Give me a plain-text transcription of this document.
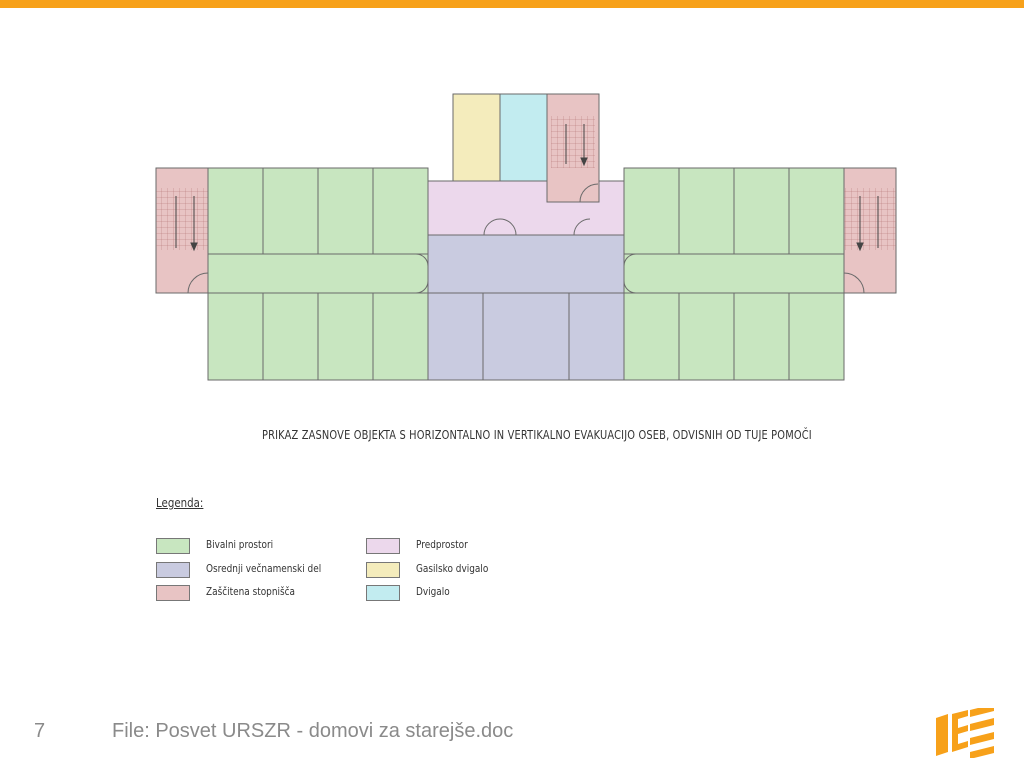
PRIKAZ ZASNOVE OBJEKTA S HORIZONTALNO IN VERTIKALNO EVAKUACIJO OSEB, ODVISNIH OD TUJE POMOČI
Legenda:
Bivalni prostori
Osrednji večnamenski del
Zaščitena stopnišča
Predprostor
Gasilsko dvigalo
Dvigalo
7	File: Posvet URSZR - domovi za starejše.doc
